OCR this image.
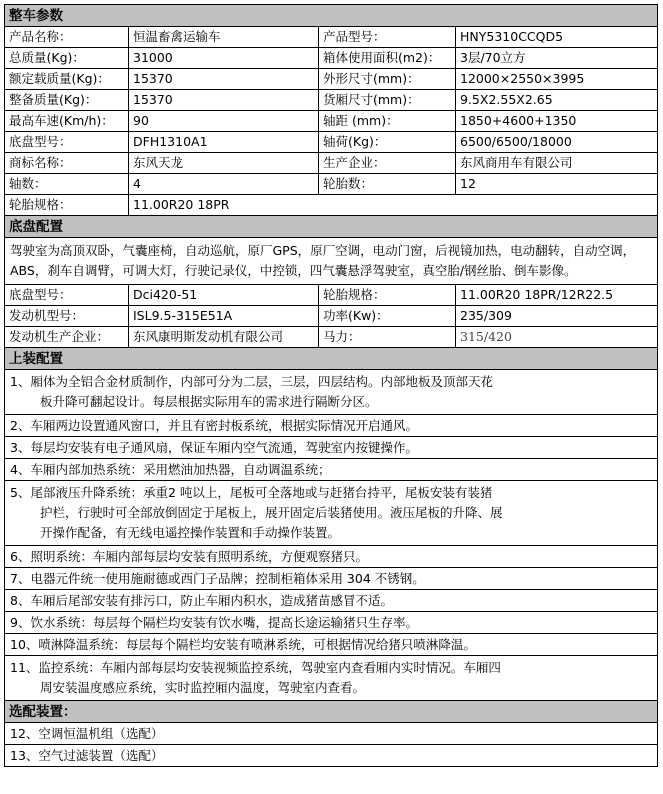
整车参数			
产品名称：	恒温畜禽运输车	产品型号：	HNY5310CCQD5
总质量(Kg)：	31000	箱体使用面积(m2)：	3层/70立方
额定载质量(Kg)：	15370	外形尺寸(mm)：	12000×2550×3995
整备质量(Kg)：	15370	货厢尺寸(mm)：	9.5X2.55X2.65
最高车速(Km/h)：	90	轴距 (mm)：	1850+4600+1350
底盘型号：	DFH1310A1	轴荷(Kg)：	6500/6500/18000
商标名称：	东风天龙	生产企业：	东风商用车有限公司
轴数：	4	轮胎数：	12
轮胎规格：	11.00R20 18PR		
底盘配置			
驾驶室为高顶双卧，气囊座椅，自动巡航，原厂GPS，原厂空调，电动门窗，后视镜加热，电动翻转，自动空调，ABS，刹车自调臂，可调大灯，行驶记录仪，中控锁，四气囊悬浮驾驶室，真空胎/钢丝胎、倒车影像。			
底盘型号：	Dci420-51	轮胎规格：	11.00R20 18PR/12R22.5
发动机型号：	ISL9.5-315E51A	功率(Kw)：	235/309
发动机生产企业：	东风康明斯发动机有限公司	马力：	315/420
上装配置			

1、厢体为全铝合金材质制作，内部可分为二层，三层，四层结构。内部地板及顶部天花
板升降可翻起设计。每层根据实际用车的需求进行隔断分区。			

2、车厢两边设置通风窗口，并且有密封板系统，根据实际情况开启通风。			
3、每层均安装有电子通风扇，保证车厢内空气流通，驾驶室内按键操作。			
4、车厢内部加热系统：采用燃油加热器，自动调温系统；			

5、尾部液压升降系统：承重2 吨以上，尾板可全落地或与赶猪台持平，尾板安装有装猪
护栏，行驶时可全部放倒固定于尾板上，展开固定后装猪使用。液压尾板的升降、展
开操作配备，有无线电遥控操作装置和手动操作装置。			

6、照明系统：车厢内部每层均安装有照明系统，方便观察猪只。			
7、电器元件统一使用施耐德或西门子品牌；控制柜箱体采用 304 不锈钢。			
8、车厢后尾部安装有排污口，防止车厢内积水，造成猪苗感冒不适。			
9、饮水系统：每层每个隔栏均安装有饮水嘴，提高长途运输猪只生存率。			
10、喷淋降温系统：每层每个隔栏均安装有喷淋系统，可根据情况给猪只喷淋降温。			

11、监控系统：车厢内部每层均安装视频监控系统，驾驶室内查看厢内实时情况。车厢四
周安装温度感应系统，实时监控厢内温度，驾驶室内查看。			

选配装置：			
12、空调恒温机组（选配）			
13、空气过滤装置（选配）			
